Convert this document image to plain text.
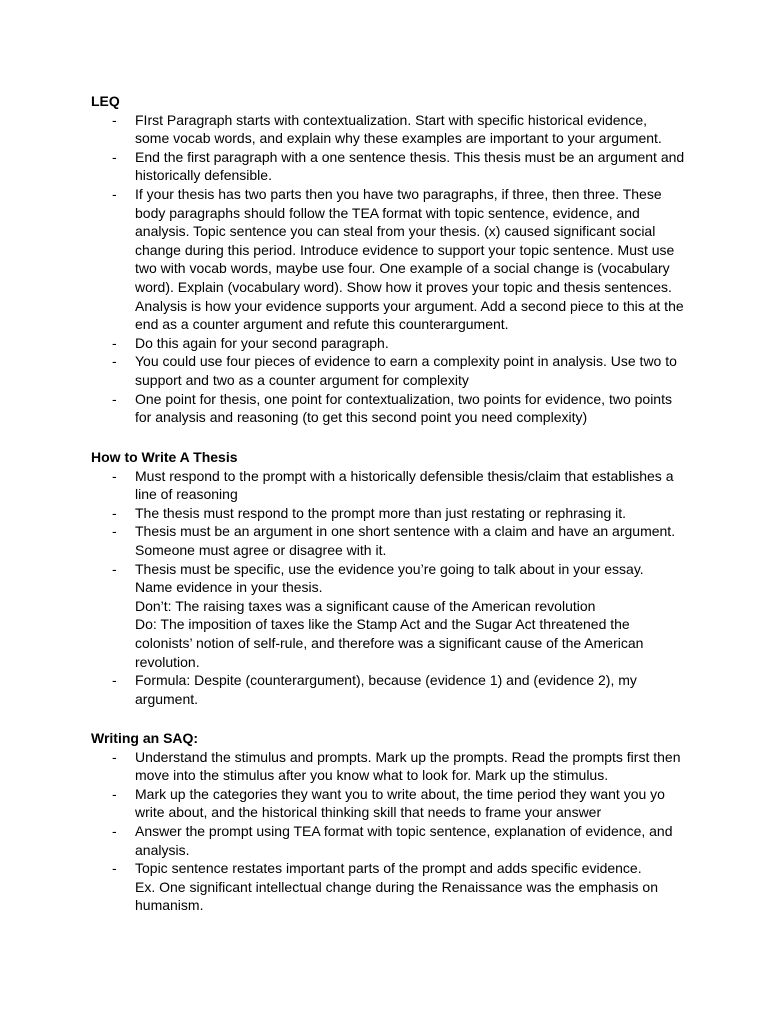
LEQ
- FIrst Paragraph starts with contextualization. Start with specific historical evidence,
some vocab words, and explain why these examples are important to your argument.
- End the first paragraph with a one sentence thesis. This thesis must be an argument and
historically defensible.
- If your thesis has two parts then you have two paragraphs, if three, then three. These
body paragraphs should follow the TEA format with topic sentence, evidence, and
analysis. Topic sentence you can steal from your thesis. (x) caused significant social
change during this period. Introduce evidence to support your topic sentence. Must use
two with vocab words, maybe use four. One example of a social change is (vocabulary
word). Explain (vocabulary word). Show how it proves your topic and thesis sentences.
Analysis is how your evidence supports your argument. Add a second piece to this at the
end as a counter argument and refute this counterargument.
- Do this again for your second paragraph.
- You could use four pieces of evidence to earn a complexity point in analysis. Use two to
support and two as a counter argument for complexity
- One point for thesis, one point for contextualization, two points for evidence, two points
for analysis and reasoning (to get this second point you need complexity)
How to Write A Thesis
- Must respond to the prompt with a historically defensible thesis/claim that establishes a
line of reasoning
- The thesis must respond to the prompt more than just restating or rephrasing it.
- Thesis must be an argument in one short sentence with a claim and have an argument.
Someone must agree or disagree with it.
- Thesis must be specific, use the evidence you’re going to talk about in your essay.
Name evidence in your thesis.
Don’t: The raising taxes was a significant cause of the American revolution
Do: The imposition of taxes like the Stamp Act and the Sugar Act threatened the
colonists’ notion of self-rule, and therefore was a significant cause of the American
revolution.
- Formula: Despite (counterargument), because (evidence 1) and (evidence 2), my
argument.
Writing an SAQ:
- Understand the stimulus and prompts. Mark up the prompts. Read the prompts first then
move into the stimulus after you know what to look for. Mark up the stimulus.
- Mark up the categories they want you to write about, the time period they want you yo
write about, and the historical thinking skill that needs to frame your answer
- Answer the prompt using TEA format with topic sentence, explanation of evidence, and
analysis.
- Topic sentence restates important parts of the prompt and adds specific evidence.
Ex. One significant intellectual change during the Renaissance was the emphasis on
humanism.
